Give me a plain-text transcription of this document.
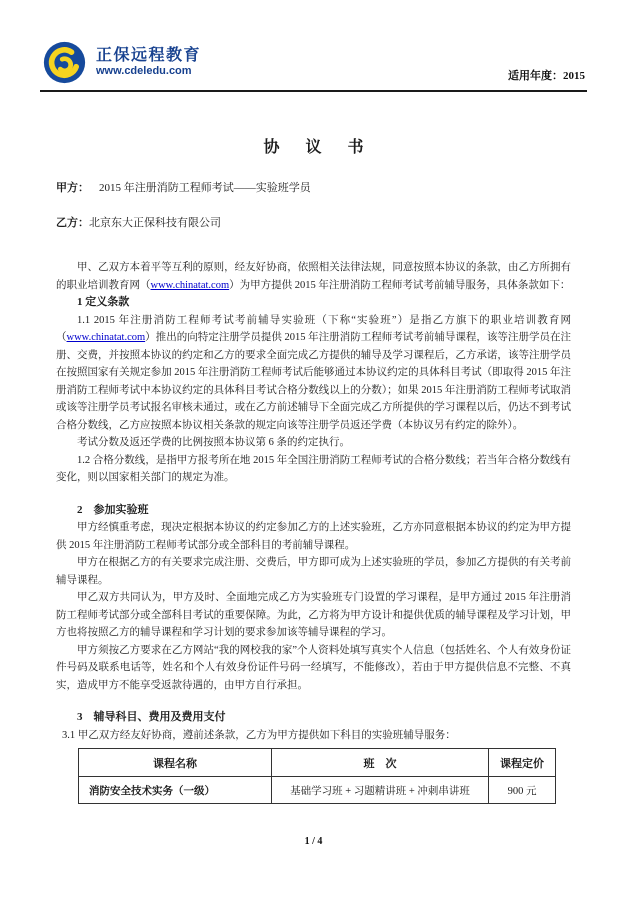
正保远程教育
www.cdeledu.com	适用年度：2015
协 议 书

甲方： 2015 年注册消防工程师考试——实验班学员

乙方：北京东大正保科技有限公司

甲、乙双方本着平等互利的原则，经友好协商，依照相关法律法规，同意按照本协议的条款，由乙方所拥有的职业培训教育网（www.chinatat.com）为甲方提供 2015 年注册消防工程师考试考前辅导服务，具体条款如下：

1 定义条款

1.1 2015 年注册消防工程师考试考前辅导实验班（下称“实验班”）是指乙方旗下的职业培训教育网（www.chinatat.com）推出的向特定注册学员提供 2015 年注册消防工程师考试考前辅导课程，该等注册学员在注册、交费，并按照本协议的约定和乙方的要求全面完成乙方提供的辅导及学习课程后，乙方承诺，该等注册学员在按照国家有关规定参加 2015 年注册消防工程师考试后能够通过本协议约定的具体科目考试（即取得 2015 年注册消防工程师考试中本协议约定的具体科目考试合格分数线以上的分数）；如果 2015 年注册消防工程师考试取消或该等注册学员考试报名审核未通过，或在乙方前述辅导下全面完成乙方所提供的学习课程以后，仍达不到考试合格分数线，乙方应按照本协议相关条款的规定向该等注册学员返还学费（本协议另有约定的除外）。

考试分数及返还学费的比例按照本协议第 6 条的约定执行。

1.2 合格分数线，是指甲方报考所在地 2015 年全国注册消防工程师考试的合格分数线；若当年合格分数线有变化，则以国家相关部门的规定为准。

2　参加实验班

甲方经慎重考虑，现决定根据本协议的约定参加乙方的上述实验班，乙方亦同意根据本协议的约定为甲方提供 2015 年注册消防工程师考试部分或全部科目的考前辅导课程。

甲方在根据乙方的有关要求完成注册、交费后，甲方即可成为上述实验班的学员，参加乙方提供的有关考前辅导课程。

甲乙双方共同认为，甲方及时、全面地完成乙方为实验班专门设置的学习课程，是甲方通过 2015 年注册消防工程师考试部分或全部科目考试的重要保障。为此，乙方将为甲方设计和提供优质的辅导课程及学习计划，甲方也将按照乙方的辅导课程和学习计划的要求参加该等辅导课程的学习。

甲方须按乙方要求在乙方网站“我的网校我的家”个人资料处填写真实个人信息（包括姓名、个人有效身份证件号码及联系电话等，姓名和个人有效身份证件号码一经填写，不能修改），若由于甲方提供信息不完整、不真实，造成甲方不能享受返款待遇的，由甲方自行承担。

3　辅导科目、费用及费用支付

3.1 甲乙双方经友好协商，遵前述条款，乙方为甲方提供如下科目的实验班辅导服务：

课程名称	班　次	课程定价
消防安全技术实务（一级）	基础学习班 + 习题精讲班 + 冲刺串讲班	900 元
1 / 4
